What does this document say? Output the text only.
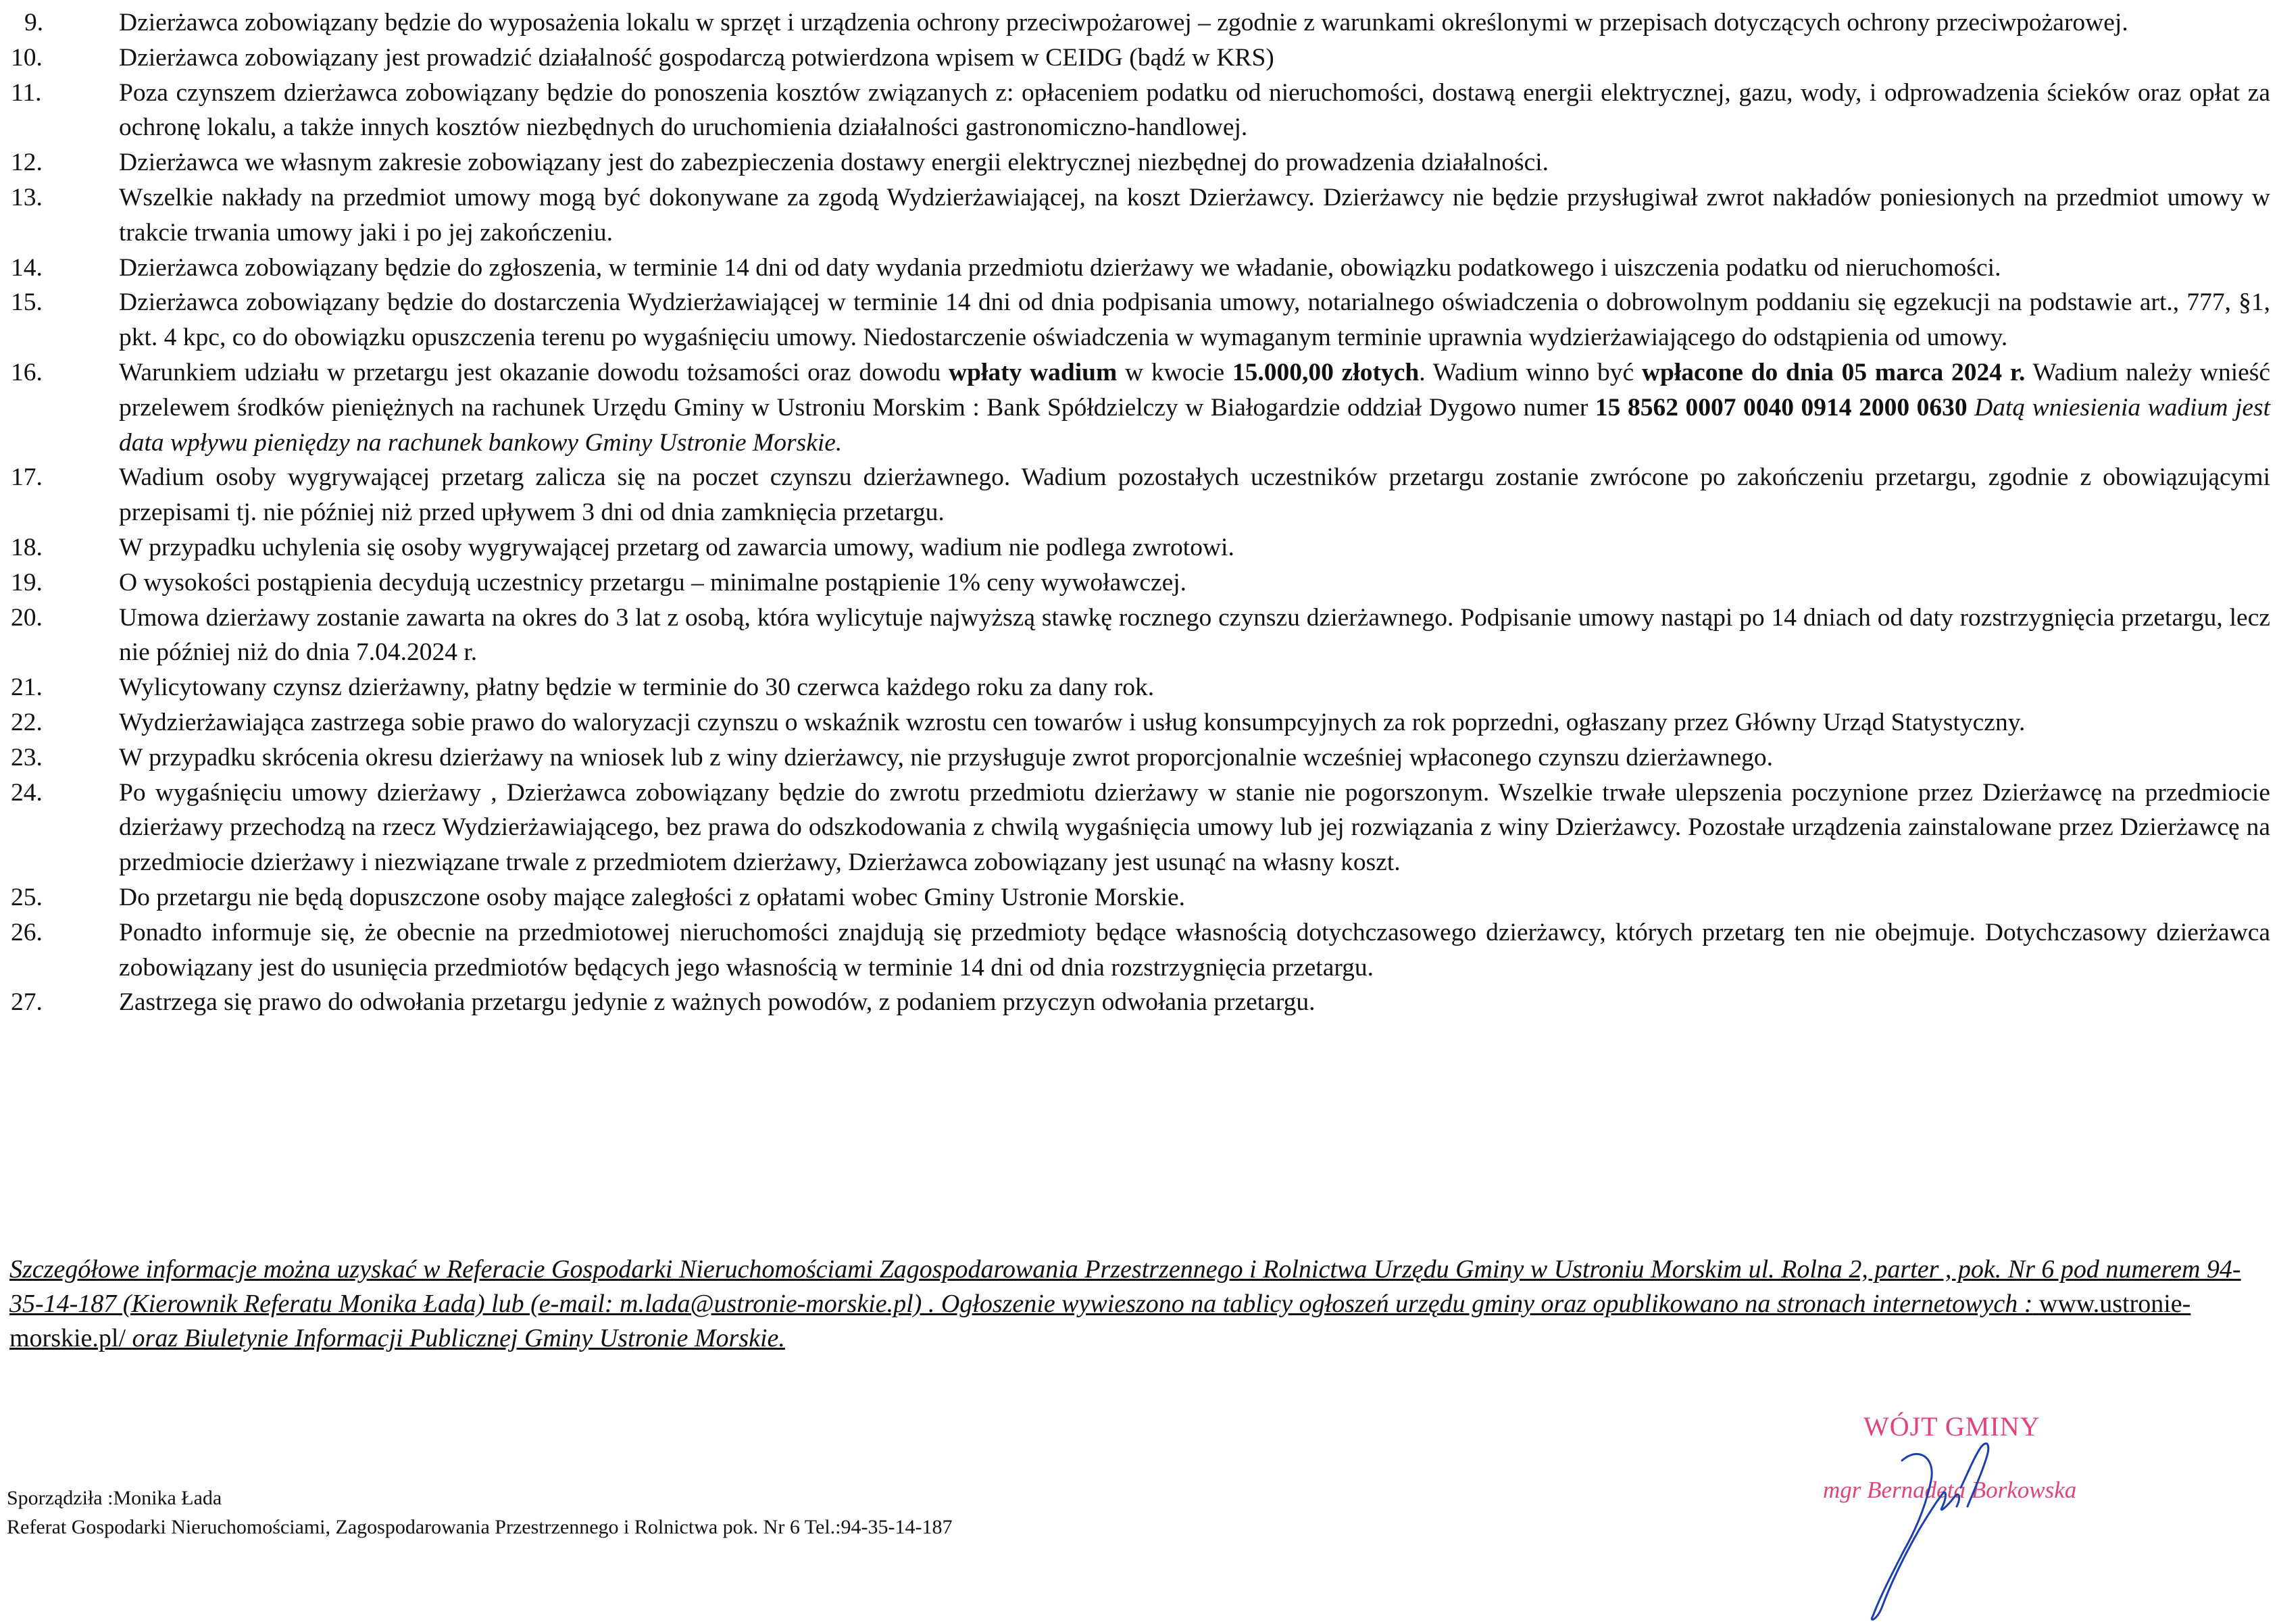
9.	Dzierżawca zobowiązany będzie do wyposażenia lokalu w sprzęt i urządzenia ochrony przeciwpożarowej – zgodnie z warunkami określonymi w przepisach dotyczących ochrony przeciwpożarowej.
10.	Dzierżawca zobowiązany jest prowadzić działalność gospodarczą potwierdzona wpisem w CEIDG (bądź w KRS)
11.	Poza czynszem dzierżawca zobowiązany będzie do ponoszenia kosztów związanych z: opłaceniem podatku od nieruchomości, dostawą energii elektrycznej, gazu, wody, i odprowadzenia ścieków oraz opłat za ochronę lokalu, a także innych kosztów niezbędnych do uruchomienia działalności gastronomiczno-handlowej.
12.	Dzierżawca we własnym zakresie zobowiązany jest do zabezpieczenia dostawy energii elektrycznej niezbędnej do prowadzenia działalności.
13.	Wszelkie nakłady na przedmiot umowy mogą być dokonywane za zgodą Wydzierżawiającej, na koszt Dzierżawcy. Dzierżawcy nie będzie przysługiwał zwrot nakładów poniesionych na przedmiot umowy w trakcie trwania umowy jaki i po jej zakończeniu.
14.	Dzierżawca zobowiązany będzie do zgłoszenia, w terminie 14 dni od daty wydania przedmiotu dzierżawy we władanie, obowiązku podatkowego i uiszczenia podatku od nieruchomości.
15.	Dzierżawca zobowiązany będzie do dostarczenia Wydzierżawiającej w terminie 14 dni od dnia podpisania umowy, notarialnego oświadczenia o dobrowolnym poddaniu się egzekucji na podstawie art., 777, §1, pkt. 4 kpc, co do obowiązku opuszczenia terenu po wygaśnięciu umowy. Niedostarczenie oświadczenia w wymaganym terminie uprawnia wydzierżawiającego do odstąpienia od umowy.
16.	Warunkiem udziału w przetargu jest okazanie dowodu tożsamości oraz dowodu wpłaty wadium w kwocie 15.000,00 złotych. Wadium winno być wpłacone do dnia 05 marca 2024 r. Wadium należy wnieść przelewem środków pieniężnych na rachunek Urzędu Gminy w Ustroniu Morskim : Bank Spółdzielczy w Białogardzie oddział Dygowo numer 15 8562 0007 0040 0914 2000 0630 Datą wniesienia wadium jest data wpływu pieniędzy na rachunek bankowy Gminy Ustronie Morskie.
17.	Wadium osoby wygrywającej przetarg zalicza się na poczet czynszu dzierżawnego. Wadium pozostałych uczestników przetargu zostanie zwrócone po zakończeniu przetargu, zgodnie z obowiązującymi przepisami tj. nie później niż przed upływem 3 dni od dnia zamknięcia przetargu.
18.	W przypadku uchylenia się osoby wygrywającej przetarg od zawarcia umowy, wadium nie podlega zwrotowi.
19.	O wysokości postąpienia decydują uczestnicy przetargu – minimalne postąpienie 1% ceny wywoławczej.
20.	Umowa dzierżawy zostanie zawarta na okres do 3 lat z osobą, która wylicytuje najwyższą stawkę rocznego czynszu dzierżawnego. Podpisanie umowy nastąpi po 14 dniach od daty rozstrzygnięcia przetargu, lecz nie później niż do dnia 7.04.2024 r.
21.	Wylicytowany czynsz dzierżawny, płatny będzie w terminie do 30 czerwca każdego roku za dany rok.
22.	Wydzierżawiająca zastrzega sobie prawo do waloryzacji czynszu o wskaźnik wzrostu cen towarów i usług konsumpcyjnych za rok poprzedni, ogłaszany przez Główny Urząd Statystyczny.
23.	W przypadku skrócenia okresu dzierżawy na wniosek lub z winy dzierżawcy, nie przysługuje zwrot proporcjonalnie wcześniej wpłaconego czynszu dzierżawnego.
24.	Po wygaśnięciu umowy dzierżawy , Dzierżawca zobowiązany będzie do zwrotu przedmiotu dzierżawy w stanie nie pogorszonym. Wszelkie trwałe ulepszenia poczynione przez Dzierżawcę na przedmiocie dzierżawy przechodzą na rzecz Wydzierżawiającego, bez prawa do odszkodowania z chwilą wygaśnięcia umowy lub jej rozwiązania z winy Dzierżawcy. Pozostałe urządzenia zainstalowane przez Dzierżawcę na przedmiocie dzierżawy i niezwiązane trwale z przedmiotem dzierżawy, Dzierżawca zobowiązany jest usunąć na własny koszt.
25.	Do przetargu nie będą dopuszczone osoby mające zaległości z opłatami wobec Gminy Ustronie Morskie.
26.	Ponadto informuje się, że obecnie na przedmiotowej nieruchomości znajdują się przedmioty będące własnością dotychczasowego dzierżawcy, których przetarg ten nie obejmuje. Dotychczasowy dzierżawca zobowiązany jest do usunięcia przedmiotów będących jego własnością w terminie 14 dni od dnia rozstrzygnięcia przetargu.
27.	Zastrzega się prawo do odwołania przetargu jedynie z ważnych powodów, z podaniem przyczyn odwołania przetargu.
Szczegółowe informacje można uzyskać w Referacie Gospodarki Nieruchomościami Zagospodarowania Przestrzennego i Rolnictwa Urzędu Gminy w Ustroniu Morskim ul. Rolna 2, parter , pok. Nr 6 pod numerem 94-35-14-187 (Kierownik Referatu Monika Łada) lub (e-mail: m.lada@ustronie-morskie.pl) . Ogłoszenie wywieszono na tablicy ogłoszeń urzędu gminy oraz opublikowano na stronach internetowych : www.ustronie-morskie.pl/ oraz Biuletynie Informacji Publicznej Gminy Ustronie Morskie.
Sporządziła :Monika Łada
Referat Gospodarki Nieruchomościami, Zagospodarowania Przestrzennego i Rolnictwa pok. Nr 6 Tel.:94-35-14-187
WÓJT GMINY
mgr Bernadeta Borkowska
